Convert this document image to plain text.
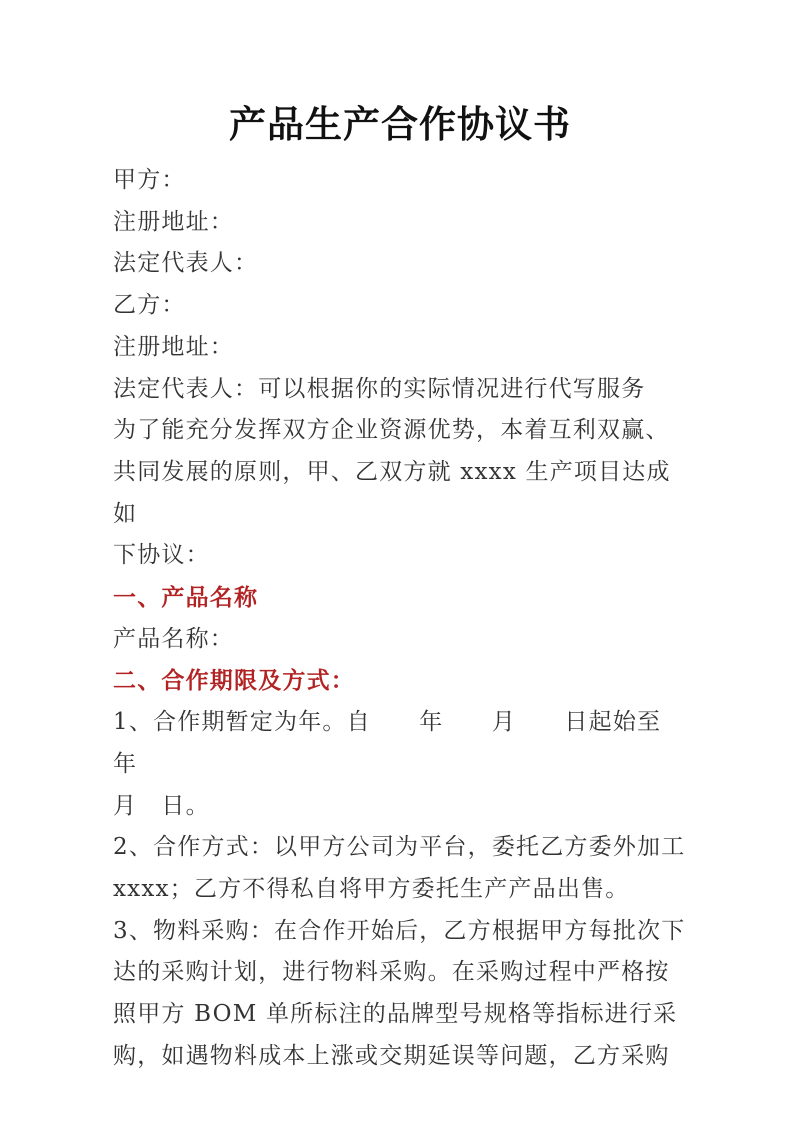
产品生产合作协议书
甲方：
注册地址：
法定代表人：
乙方：
注册地址：
法定代表人：可以根据你的实际情况进行代写服务
为了能充分发挥双方企业资源优势，本着互利双赢、
共同发展的原则，甲、乙双方就 xxxx 生产项目达成如
下协议：
一、产品名称
产品名称：
二、合作期限及方式：
1、合作期暂定为年。自　　年　　月　　日起始至　　年
月　日。
2、合作方式：以甲方公司为平台，委托乙方委外加工
xxxx；乙方不得私自将甲方委托生产产品出售。
3、物料采购：在合作开始后，乙方根据甲方每批次下
达的采购计划，进行物料采购。在采购过程中严格按
照甲方 BOM 单所标注的品牌型号规格等指标进行采
购，如遇物料成本上涨或交期延误等问题，乙方采购
